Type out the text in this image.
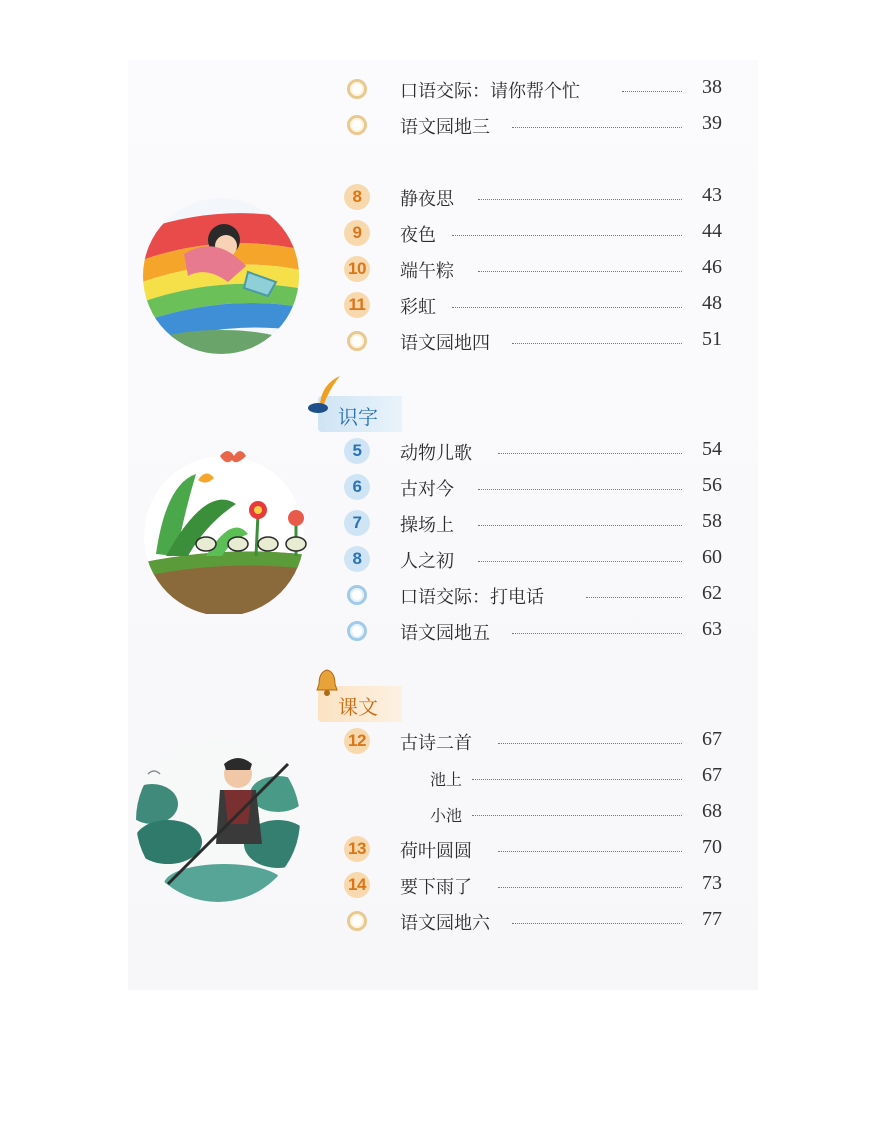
识字
课文
口语交际：请你帮个忙	38
语文园地三	39
8	静夜思	43
9	夜色	44
10 端午粽	46
11 彩虹	48
语文园地四	51
5	动物儿歌	54
6	古对今	56
7	操场上	58
8	人之初	60
口语交际：打电话	62
语文园地五	63
12 古诗二首	67
池上	67
小池	68
13 荷叶圆圆	70
14 要下雨了	73
语文园地六	77
